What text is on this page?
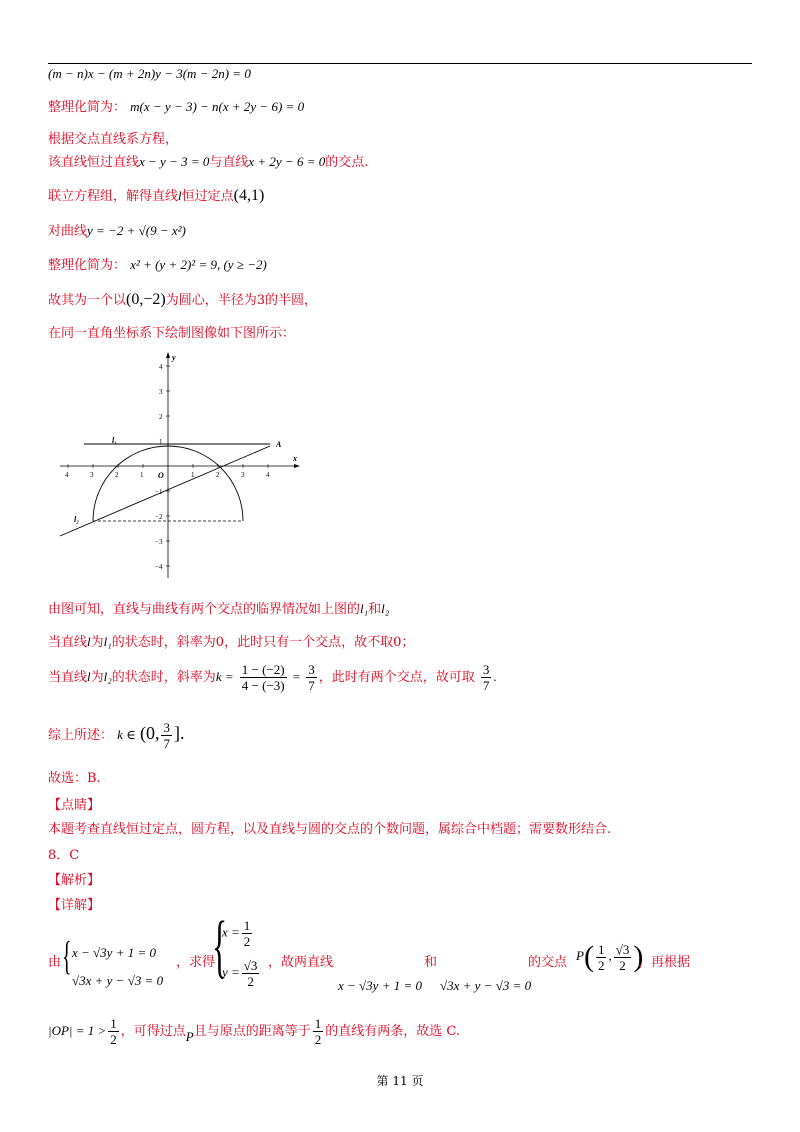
(m − n)x − (m + 2n)y − 3(m − 2n) = 0
整理化简为： m(x − y − 3) − n(x + 2y − 6) = 0
根据交点直线系方程，
该直线恒过直线x − y − 3 = 0与直线x + 2y − 6 = 0的交点.
联立方程组，解得直线l恒过定点(4,1)
对曲线y = −2 + √(9 − x²)
整理化简为： x² + (y + 2)² = 9, (y ≥ −2)
故其为一个以(0,−2)为圆心，半径为3的半圆，
在同一直角坐标系下绘制图像如下图所示：
y
x
O
4	3	2	1	1	2	3	4
4
3
2
1
−1
−2
−3
−4
A
l₁
l₂
由图可知，直线与曲线有两个交点的临界情况如上图的l₁和l₂
当直线l为l₁的状态时，斜率为0，此时只有一个交点，故不取0；
当直线l为l₂的状态时，斜率为$k = \frac{1 - (-2)}{4 - (-3)} = \frac{3}{7}$ ，此时有两个交点，故可取 $\frac{3}{7}$ .
综上所述： k ∈ (0, $\frac{3}{7}$ ].
故选：B.
【点睛】
本题考查直线恒过定点，圆方程，以及直线与圆的交点的个数问题，属综合中档题；需要数形结合.
8．C
【解析】
【详解】
由 { x − √3y + 1 = 0
√3x + y − √3 = 0
，求得
{
$x = \frac{1}{2}$
$y = \frac{√3}{2}$ ，故两直线	和	的交点 $P( \frac{1}{2}$ , $\frac{√3}{2}$ )
，再根据
x − √3y + 1 = 0 √3x + y − √3 = 0
$|OP| = 1 > \frac{1}{2}$ ，可得过点P且与原点的距离等于 $\frac{1}{2}$ 的直线有两条，故选 C.
第 11 页
